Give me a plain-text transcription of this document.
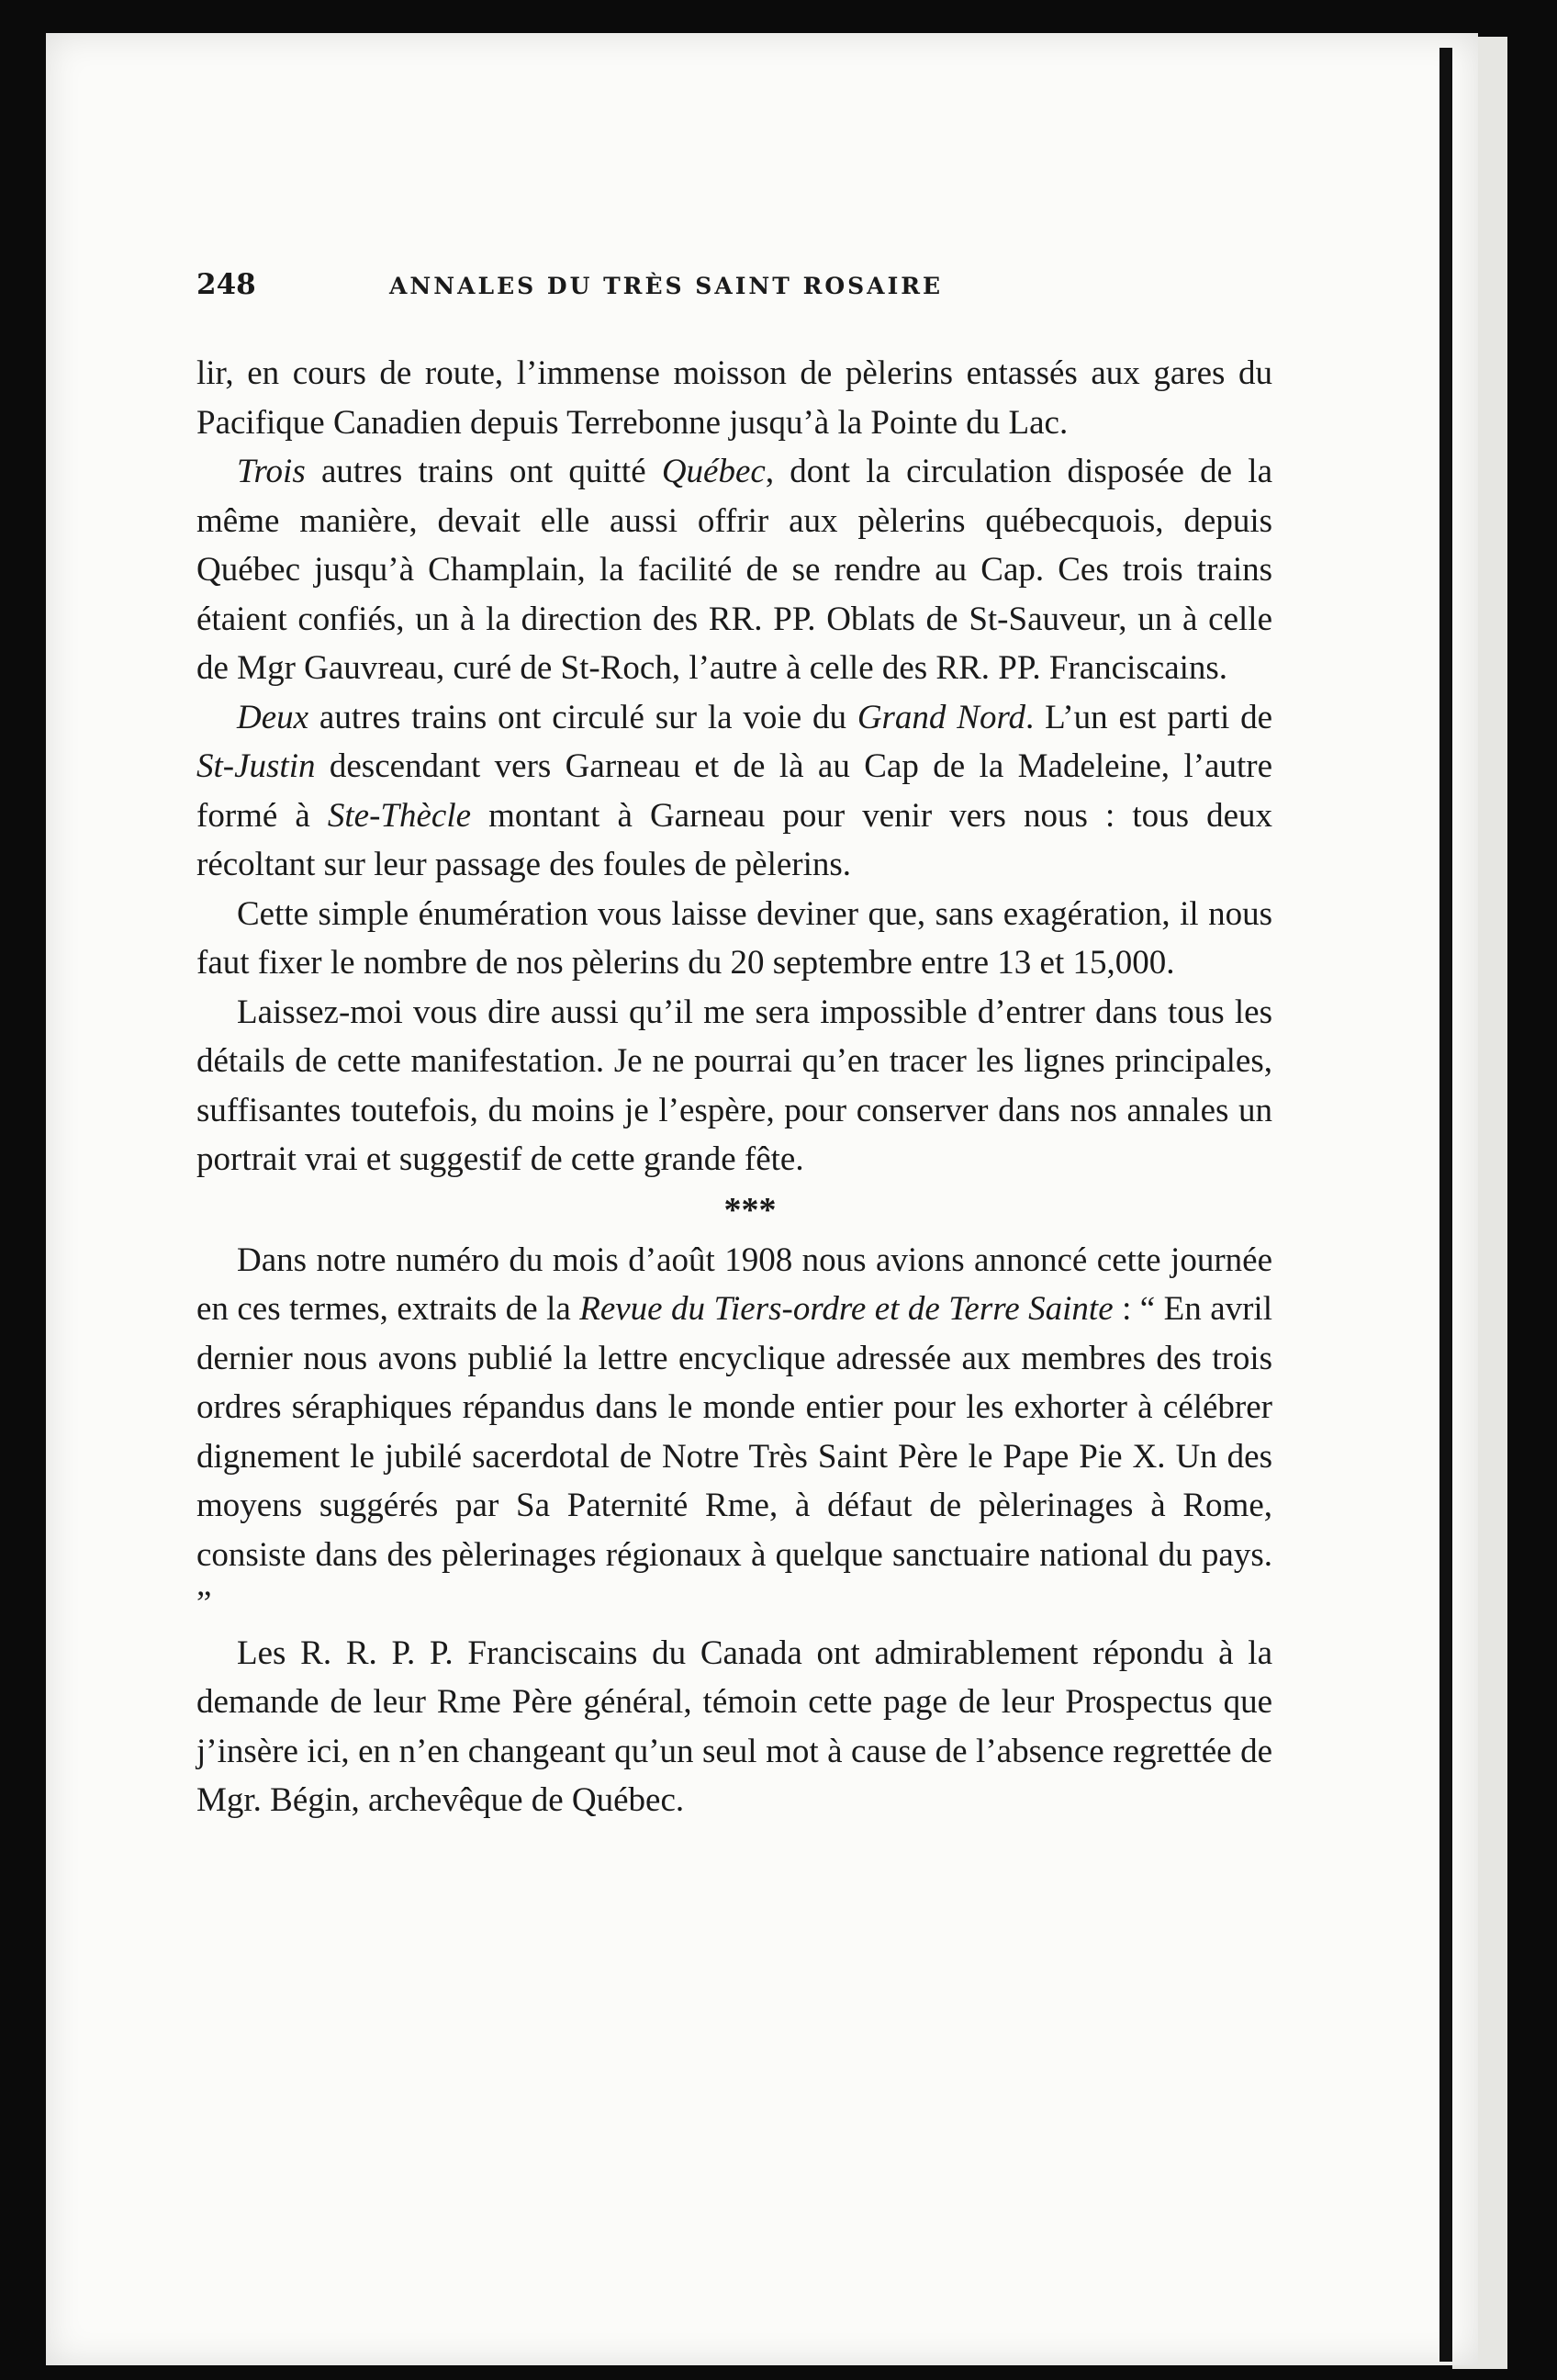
248	ANNALES DU TRÈS SAINT ROSAIRE

lir, en cours de route, l’immense moisson de pèlerins entassés aux gares du Pacifique Canadien depuis Terrebonne jusqu’à la Pointe du Lac.

Trois autres trains ont quitté Québec, dont la circulation disposée de la même manière, devait elle aussi offrir aux pèlerins québecquois, depuis Québec jusqu’à Champlain, la facilité de se rendre au Cap. Ces trois trains étaient confiés, un à la direction des RR. PP. Oblats de St-Sauveur, un à celle de Mgr Gauvreau, curé de St-Roch, l’autre à celle des RR. PP. Franciscains.

Deux autres trains ont circulé sur la voie du Grand Nord. L’un est parti de St-Justin descendant vers Garneau et de là au Cap de la Madeleine, l’autre formé à Ste-Thècle montant à Garneau pour venir vers nous : tous deux récoltant sur leur passage des foules de pèlerins.

Cette simple énumération vous laisse deviner que, sans exagération, il nous faut fixer le nombre de nos pèlerins du 20 septembre entre 13 et 15,000.

Laissez-moi vous dire aussi qu’il me sera impossible d’entrer dans tous les détails de cette manifestation. Je ne pourrai qu’en tracer les lignes principales, suffisantes toutefois, du moins je l’espère, pour conserver dans nos annales un portrait vrai et suggestif de cette grande fête.

***

Dans notre numéro du mois d’août 1908 nous avions annoncé cette journée en ces termes, extraits de la Revue du Tiers-ordre et de Terre Sainte : “ En avril dernier nous avons publié la lettre encyclique adressée aux membres des trois ordres séraphiques répandus dans le monde entier pour les exhorter à célébrer dignement le jubilé sacerdotal de Notre Très Saint Père le Pape Pie X. Un des moyens suggérés par Sa Paternité Rme, à défaut de pèlerinages à Rome, consiste dans des pèlerinages régionaux à quelque sanctuaire national du pays. ”

Les R. R. P. P. Franciscains du Canada ont admirablement répondu à la demande de leur Rme Père général, témoin cette page de leur Prospectus que j’insère ici, en n’en changeant qu’un seul mot à cause de l’absence regrettée de Mgr. Bégin, archevêque de Québec.
